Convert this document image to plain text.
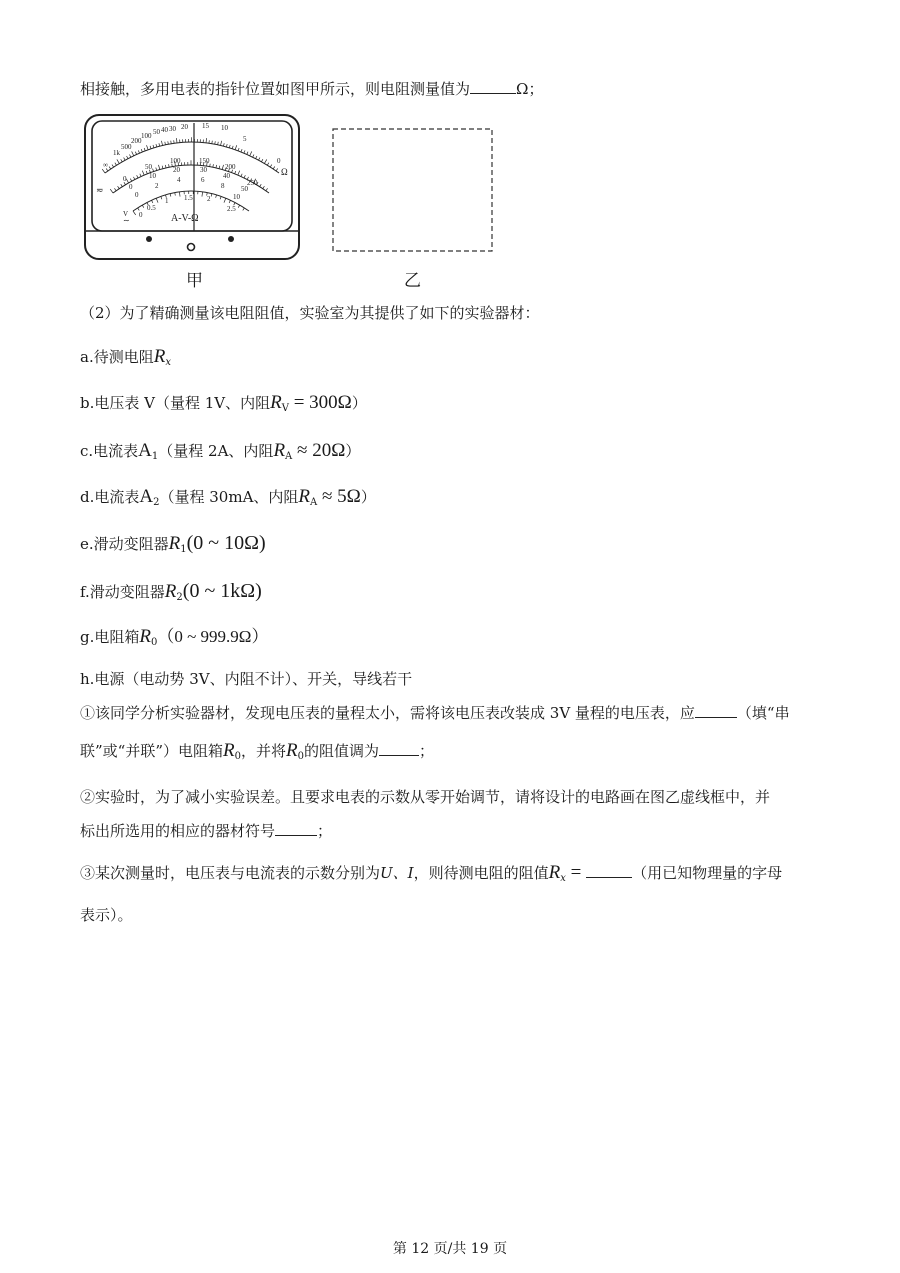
相接触，多用电表的指针位置如图甲所示，则电阻测量值为	Ω；
∞
1k
500
200
100 50 40 30 20 15 10
5
0
Ω
0
50
100	150
200
250
0
10
20	30
40
50
0
2
4	6
8
10
0
0.5
1 1.5 2
2.5
≂
V
∼	A-V-Ω
甲	乙
（2）为了精确测量该电阻阻值，实验室为其提供了如下的实验器材：
a.待测电阻$R_x$
b.电压表 V（量程 1V、内阻$R_V = 300\Omega$）
c.电流表$A_1$（量程 2A、内阻$R_A \approx 20\Omega$）
d.电流表$A_2$（量程 30mA、内阻$R_A \approx 5\Omega$）
e.滑动变阻器$R_1(0$ ~ 10Ω)
f.滑动变阻器$R_2(0$ ~ 1kΩ)
g.电阻箱$R_0(0$ ~ 999.9Ω）
h.电源（电动势 3V、内阻不计）、开关，导线若干
①该同学分析实验器材，发现电压表的量程太小，需将该电压表改装成 3V 量程的电压表，应	（填“串
联”或“并联”）电阻箱$R_0$，并将$R_0$的阻值调为	；
②实验时，为了减小实验误差。且要求电表的示数从零开始调节，请将设计的电路画在图乙虚线框中，并
标出所选用的相应的器材符号	；
③某次测量时，电压表与电流表的示数分别为U、I，则待测电阻的阻值$R_x$ =	（用已知物理量的字母
表示）。
第 12 页/共 19 页
